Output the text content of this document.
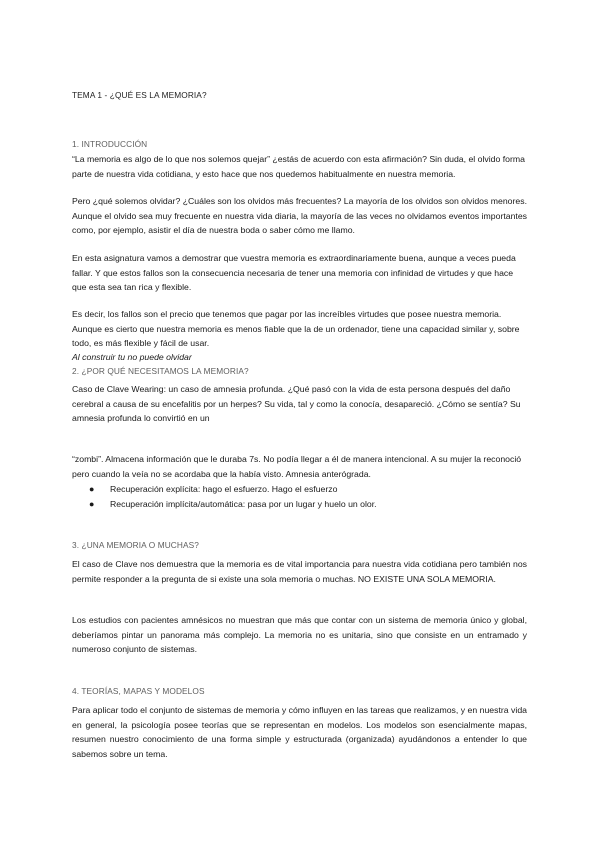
TEMA 1 - ¿QUÉ ES LA MEMORIA?
1. INTRODUCCIÓN

“La memoria es algo de lo que nos solemos quejar” ¿estás de acuerdo con esta afirmación? Sin duda, el olvido forma parte de nuestra vida cotidiana, y esto hace que nos quedemos habitualmente en nuestra memoria.

Pero ¿qué solemos olvidar? ¿Cuáles son los olvidos más frecuentes? La mayoría de los olvidos son olvidos menores. Aunque el olvido sea muy frecuente en nuestra vida diaria, la mayoría de las veces no olvidamos eventos importantes como, por ejemplo, asistir el día de nuestra boda o saber cómo me llamo.

En esta asignatura vamos a demostrar que vuestra memoria es extraordinariamente buena, aunque a veces pueda fallar. Y que estos fallos son la consecuencia necesaria de tener una memoria con infinidad de virtudes y que hace que esta sea tan rica y flexible.

Es decir, los fallos son el precio que tenemos que pagar por las increíbles virtudes que posee nuestra memoria. Aunque es cierto que nuestra memoria es menos fiable que la de un ordenador, tiene una capacidad similar y, sobre todo, es más flexible y fácil de usar.

Al construir tu no puede olvidar

2. ¿POR QUÉ NECESITAMOS LA MEMORIA?

Caso de Clave Wearing: un caso de amnesia profunda. ¿Qué pasó con la vida de esta persona después del daño cerebral a causa de su encefalitis por un herpes? Su vida, tal y como la conocía, desapareció. ¿Cómo se sentía? Su amnesia profunda lo convirtió en un

“zombi”. Almacena información que le duraba 7s. No podía llegar a él de manera intencional. A su mujer la reconoció pero cuando la veía no se acordaba que la había visto. Amnesia anterógrada.

● Recuperación explícita: hago el esfuerzo. Hago el esfuerzo
● Recuperación implícita/automática: pasa por un lugar y huelo un olor.
3. ¿UNA MEMORIA O MUCHAS?

El caso de Clave nos demuestra que la memoria es de vital importancia para nuestra vida cotidiana pero también nos permite responder a la pregunta de si existe una sola memoria o muchas. NO EXISTE UNA SOLA MEMORIA.

Los estudios con pacientes amnésicos no muestran que más que contar con un sistema de memoria único y global, deberíamos pintar un panorama más complejo. La memoria no es unitaria, sino que consiste en un entramado y numeroso conjunto de sistemas.

4. TEORÍAS, MAPAS Y MODELOS

Para aplicar todo el conjunto de sistemas de memoria y cómo influyen en las tareas que realizamos, y en nuestra vida en general, la psicología posee teorías que se representan en modelos. Los modelos son esencialmente mapas, resumen nuestro conocimiento de una forma simple y estructurada (organizada) ayudándonos a entender lo que sabemos sobre un tema.
